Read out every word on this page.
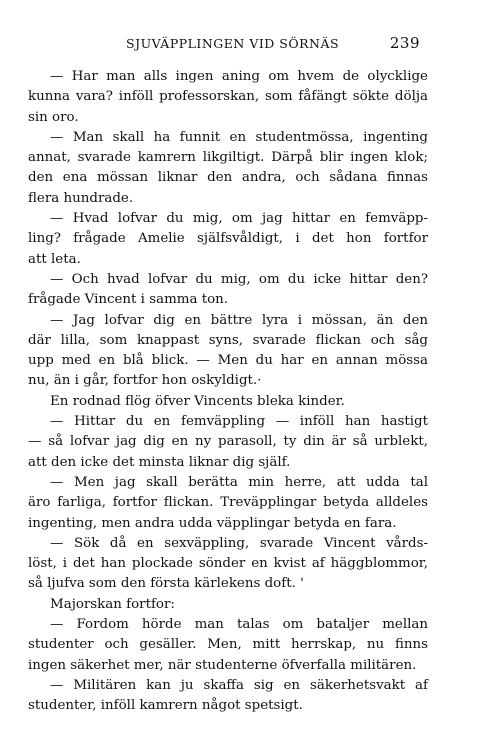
SJUVÄPPLINGEN VID SÖRNÄS	239
— Har man alls ingen aning om hvem de olycklige
kunna vara? inföll professorskan, som fåfängt sökte dölja
sin oro.
— Man skall ha funnit en studentmössa, ingenting
annat, svarade kamrern likgiltigt. Därpå blir ingen klok;
den ena mössan liknar den andra, och sådana finnas
flera hundrade.
— Hvad lofvar du mig, om jag hittar en femväpp-
ling? frågade Amelie själfsvåldigt, i det hon fortfor
att leta.
— Och hvad lofvar du mig, om du icke hittar den?
frågade Vincent i samma ton.
— Jag lofvar dig en bättre lyra i mössan, än den
där lilla, som knappast syns, svarade flickan och såg
upp med en blå blick. — Men du har en annan mössa
nu, än i går, fortfor hon oskyldigt.·
En rodnad flög öfver Vincents bleka kinder.
— Hittar du en femväppling — inföll han hastigt
— så lofvar jag dig en ny parasoll, ty din är så urblekt,
att den icke det minsta liknar dig själf.
— Men jag skall berätta min herre, att udda tal
äro farliga, fortfor flickan. Treväpplingar betyda alldeles
ingenting, men andra udda väpplingar betyda en fara.
— Sök då en sexväppling, svarade Vincent vårds-
löst, i det han plockade sönder en kvist af häggblommor,
så ljufva som den första kärlekens doft. '
Majorskan fortfor:
— Fordom hörde man talas om bataljer mellan
studenter och gesäller. Men, mitt herrskap, nu finns
ingen säkerhet mer, när studenterne öfverfalla militären.
— Militären kan ju skaffa sig en säkerhetsvakt af
studenter, inföll kamrern något spetsigt.
